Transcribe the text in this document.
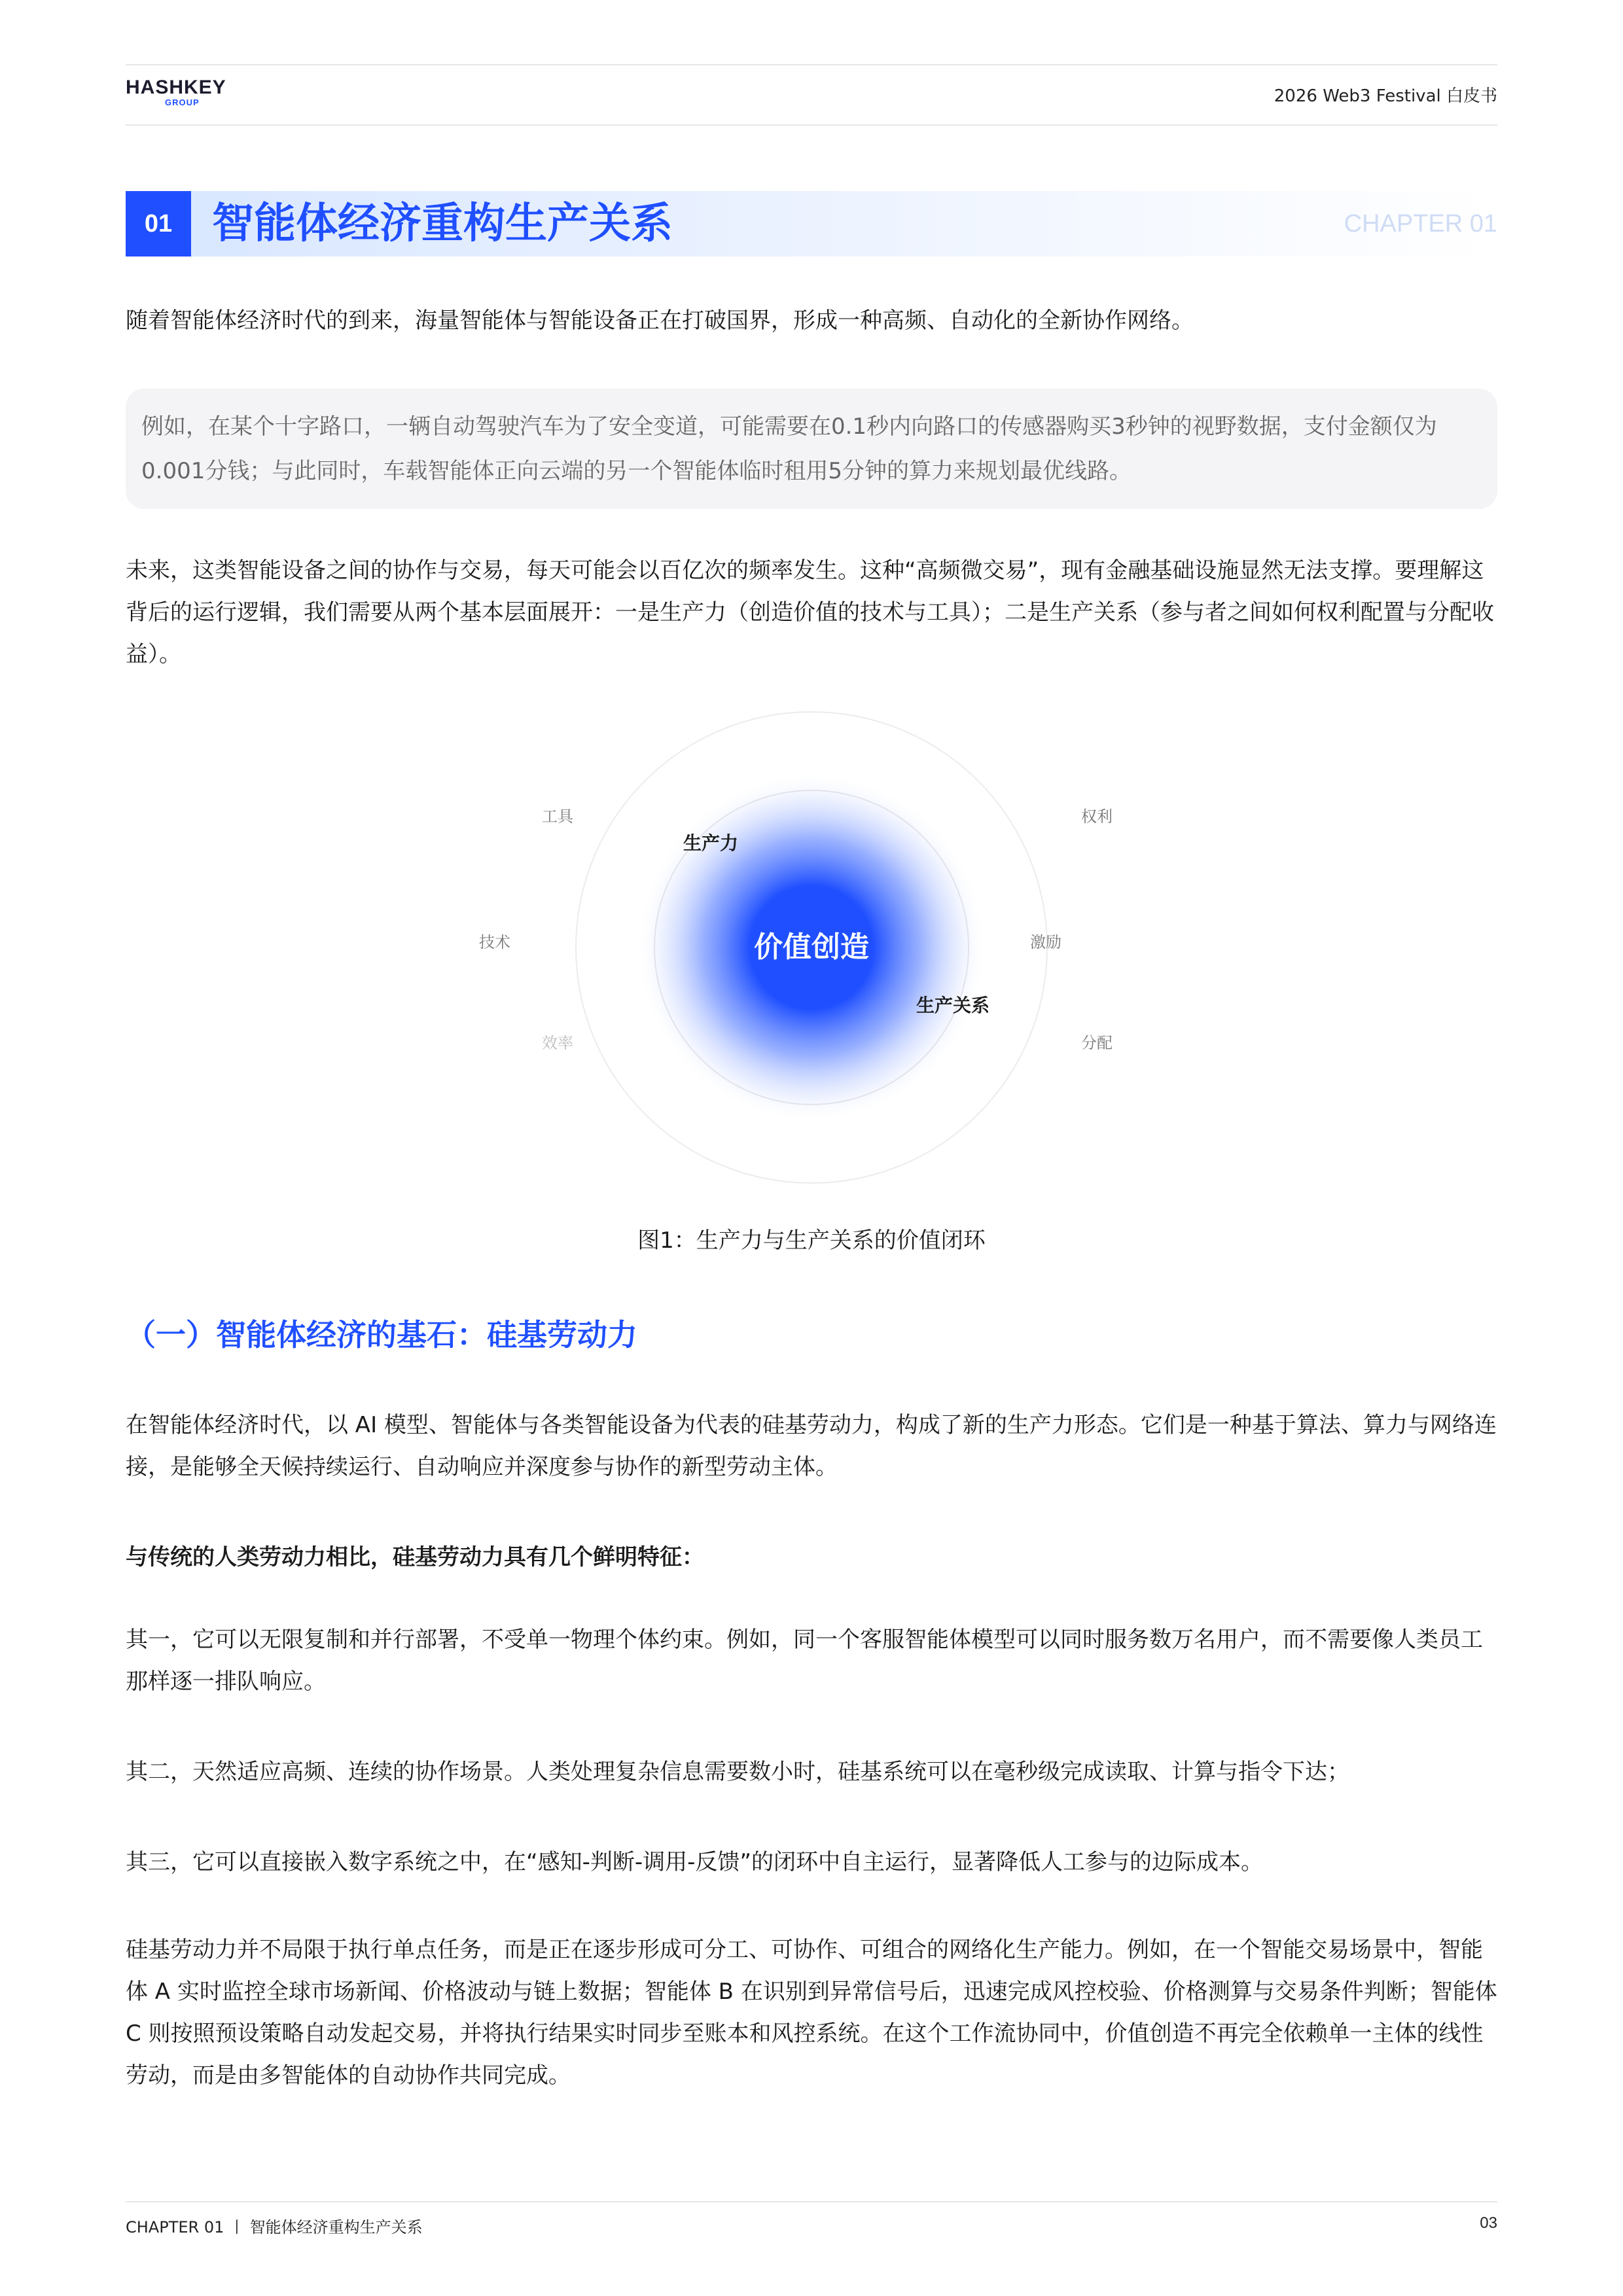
HASHKEY
GROUP	2026 Web3 Festival 白皮书
01 智能体经济重构生产关系	CHAPTER 01

随着智能体经济时代的到来，海量智能体与智能设备正在打破国界，形成一种高频、自动化的全新协作网络。

例如，在某个十字路口，一辆自动驾驶汽车为了安全变道，可能需要在0.1秒内向路口的传感器购买3秒钟的视野数据，支付金额仅为0.001分钱；与此同时，车载智能体正向云端的另一个智能体临时租用5分钟的算力来规划最优线路。

未来，这类智能设备之间的协作与交易，每天可能会以百亿次的频率发生。这种“高频微交易”，现有金融基础设施显然无法支撑。要理解这背后的运行逻辑，我们需要从两个基本层面展开：一是生产力（创造价值的技术与工具）；二是生产关系（参与者之间如何权利配置与分配收益）。

价值创造
生产力
生产关系
工具
技术
效率
权利
激励
分配
图1：生产力与生产关系的价值闭环
（一）智能体经济的基石：硅基劳动力

在智能体经济时代，以 AI 模型、智能体与各类智能设备为代表的硅基劳动力，构成了新的生产力形态。它们是一种基于算法、算力与网络连接，是能够全天候持续运行、自动响应并深度参与协作的新型劳动主体。

与传统的人类劳动力相比，硅基劳动力具有几个鲜明特征：

其一，它可以无限复制和并行部署，不受单一物理个体约束。例如，同一个客服智能体模型可以同时服务数万名用户，而不需要像人类员工那样逐一排队响应。

其二，天然适应高频、连续的协作场景。人类处理复杂信息需要数小时，硅基系统可以在毫秒级完成读取、计算与指令下达；

其三，它可以直接嵌入数字系统之中，在“感知-判断-调用-反馈”的闭环中自主运行，显著降低人工参与的边际成本。

硅基劳动力并不局限于执行单点任务，而是正在逐步形成可分工、可协作、可组合的网络化生产能力。例如，在一个智能交易场景中，智能体 A 实时监控全球市场新闻、价格波动与链上数据；智能体 B 在识别到异常信号后，迅速完成风控校验、价格测算与交易条件判断；智能体 C 则按照预设策略自动发起交易，并将执行结果实时同步至账本和风控系统。在这个工作流协同中，价值创造不再完全依赖单一主体的线性劳动，而是由多智能体的自动协作共同完成。

CHAPTER 01 丨 智能体经济重构生产关系	03
